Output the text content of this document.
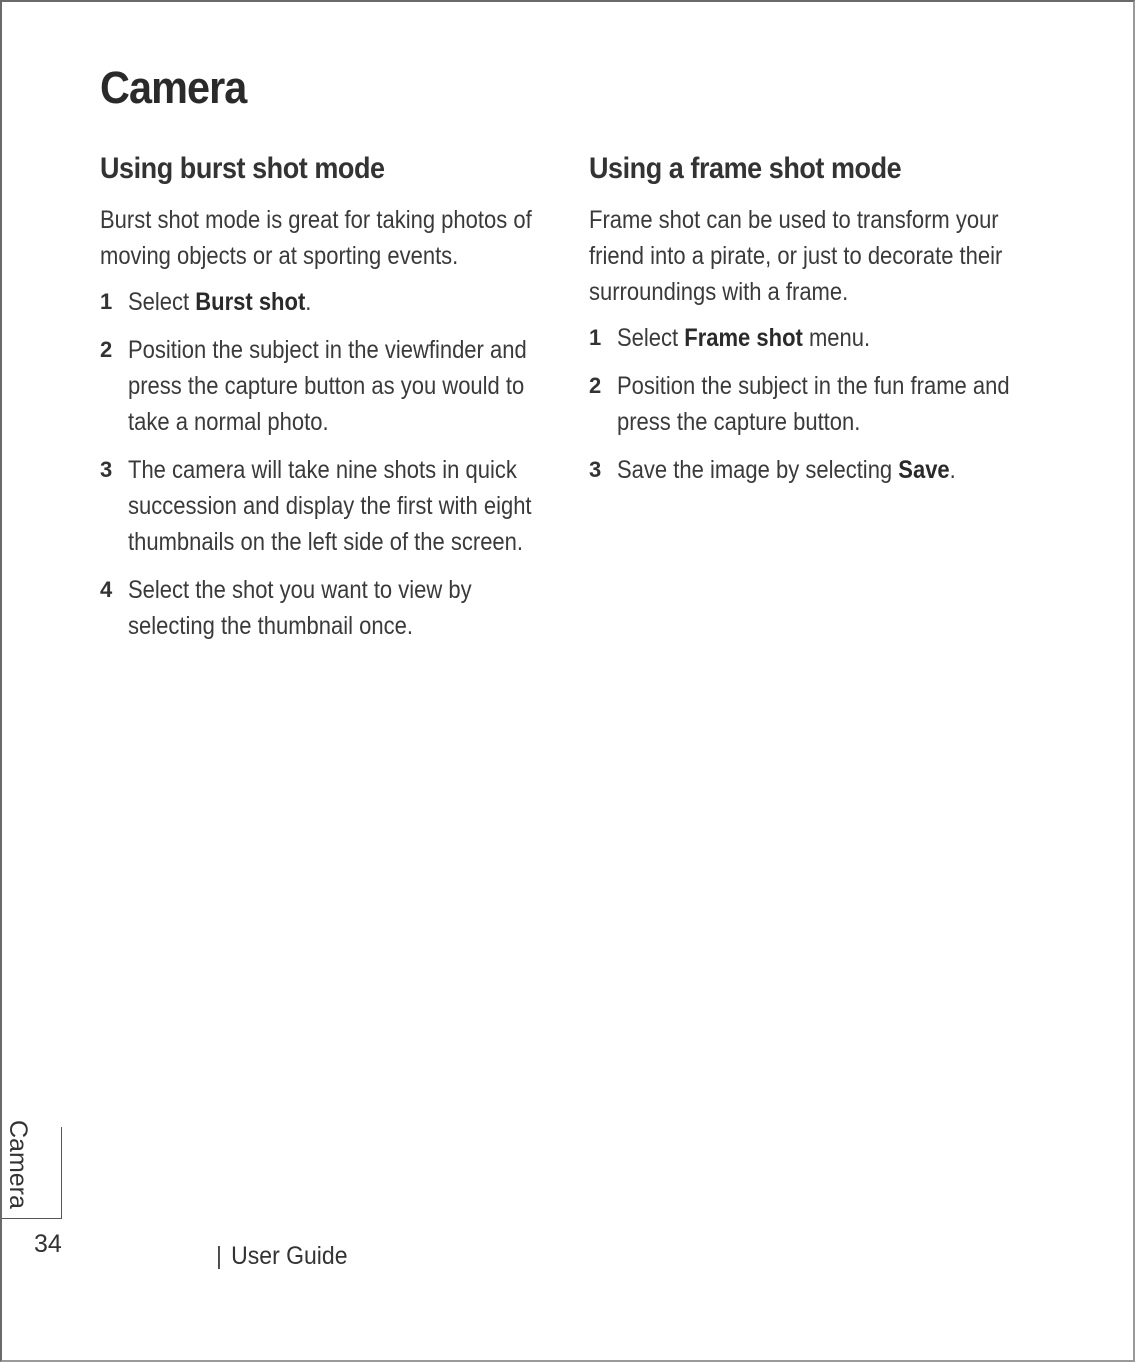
Camera
Using burst shot mode

Burst shot mode is great for taking photos of moving objects or at sporting events.

1 Select Burst shot.
2 Position the subject in the viewfinder and press the capture button as you would to take a normal photo.
3 The camera will take nine shots in quick succession and display the first with eight thumbnails on the left side of the screen.
4 Select the shot you want to view by selecting the thumbnail once.
Using a frame shot mode

Frame shot can be used to transform your friend into a pirate, or just to decorate their surroundings with a frame.

1 Select Frame shot menu.
2 Position the subject in the fun frame and press the capture button.
3 Save the image by selecting Save.
Camera
34	| User Guide
